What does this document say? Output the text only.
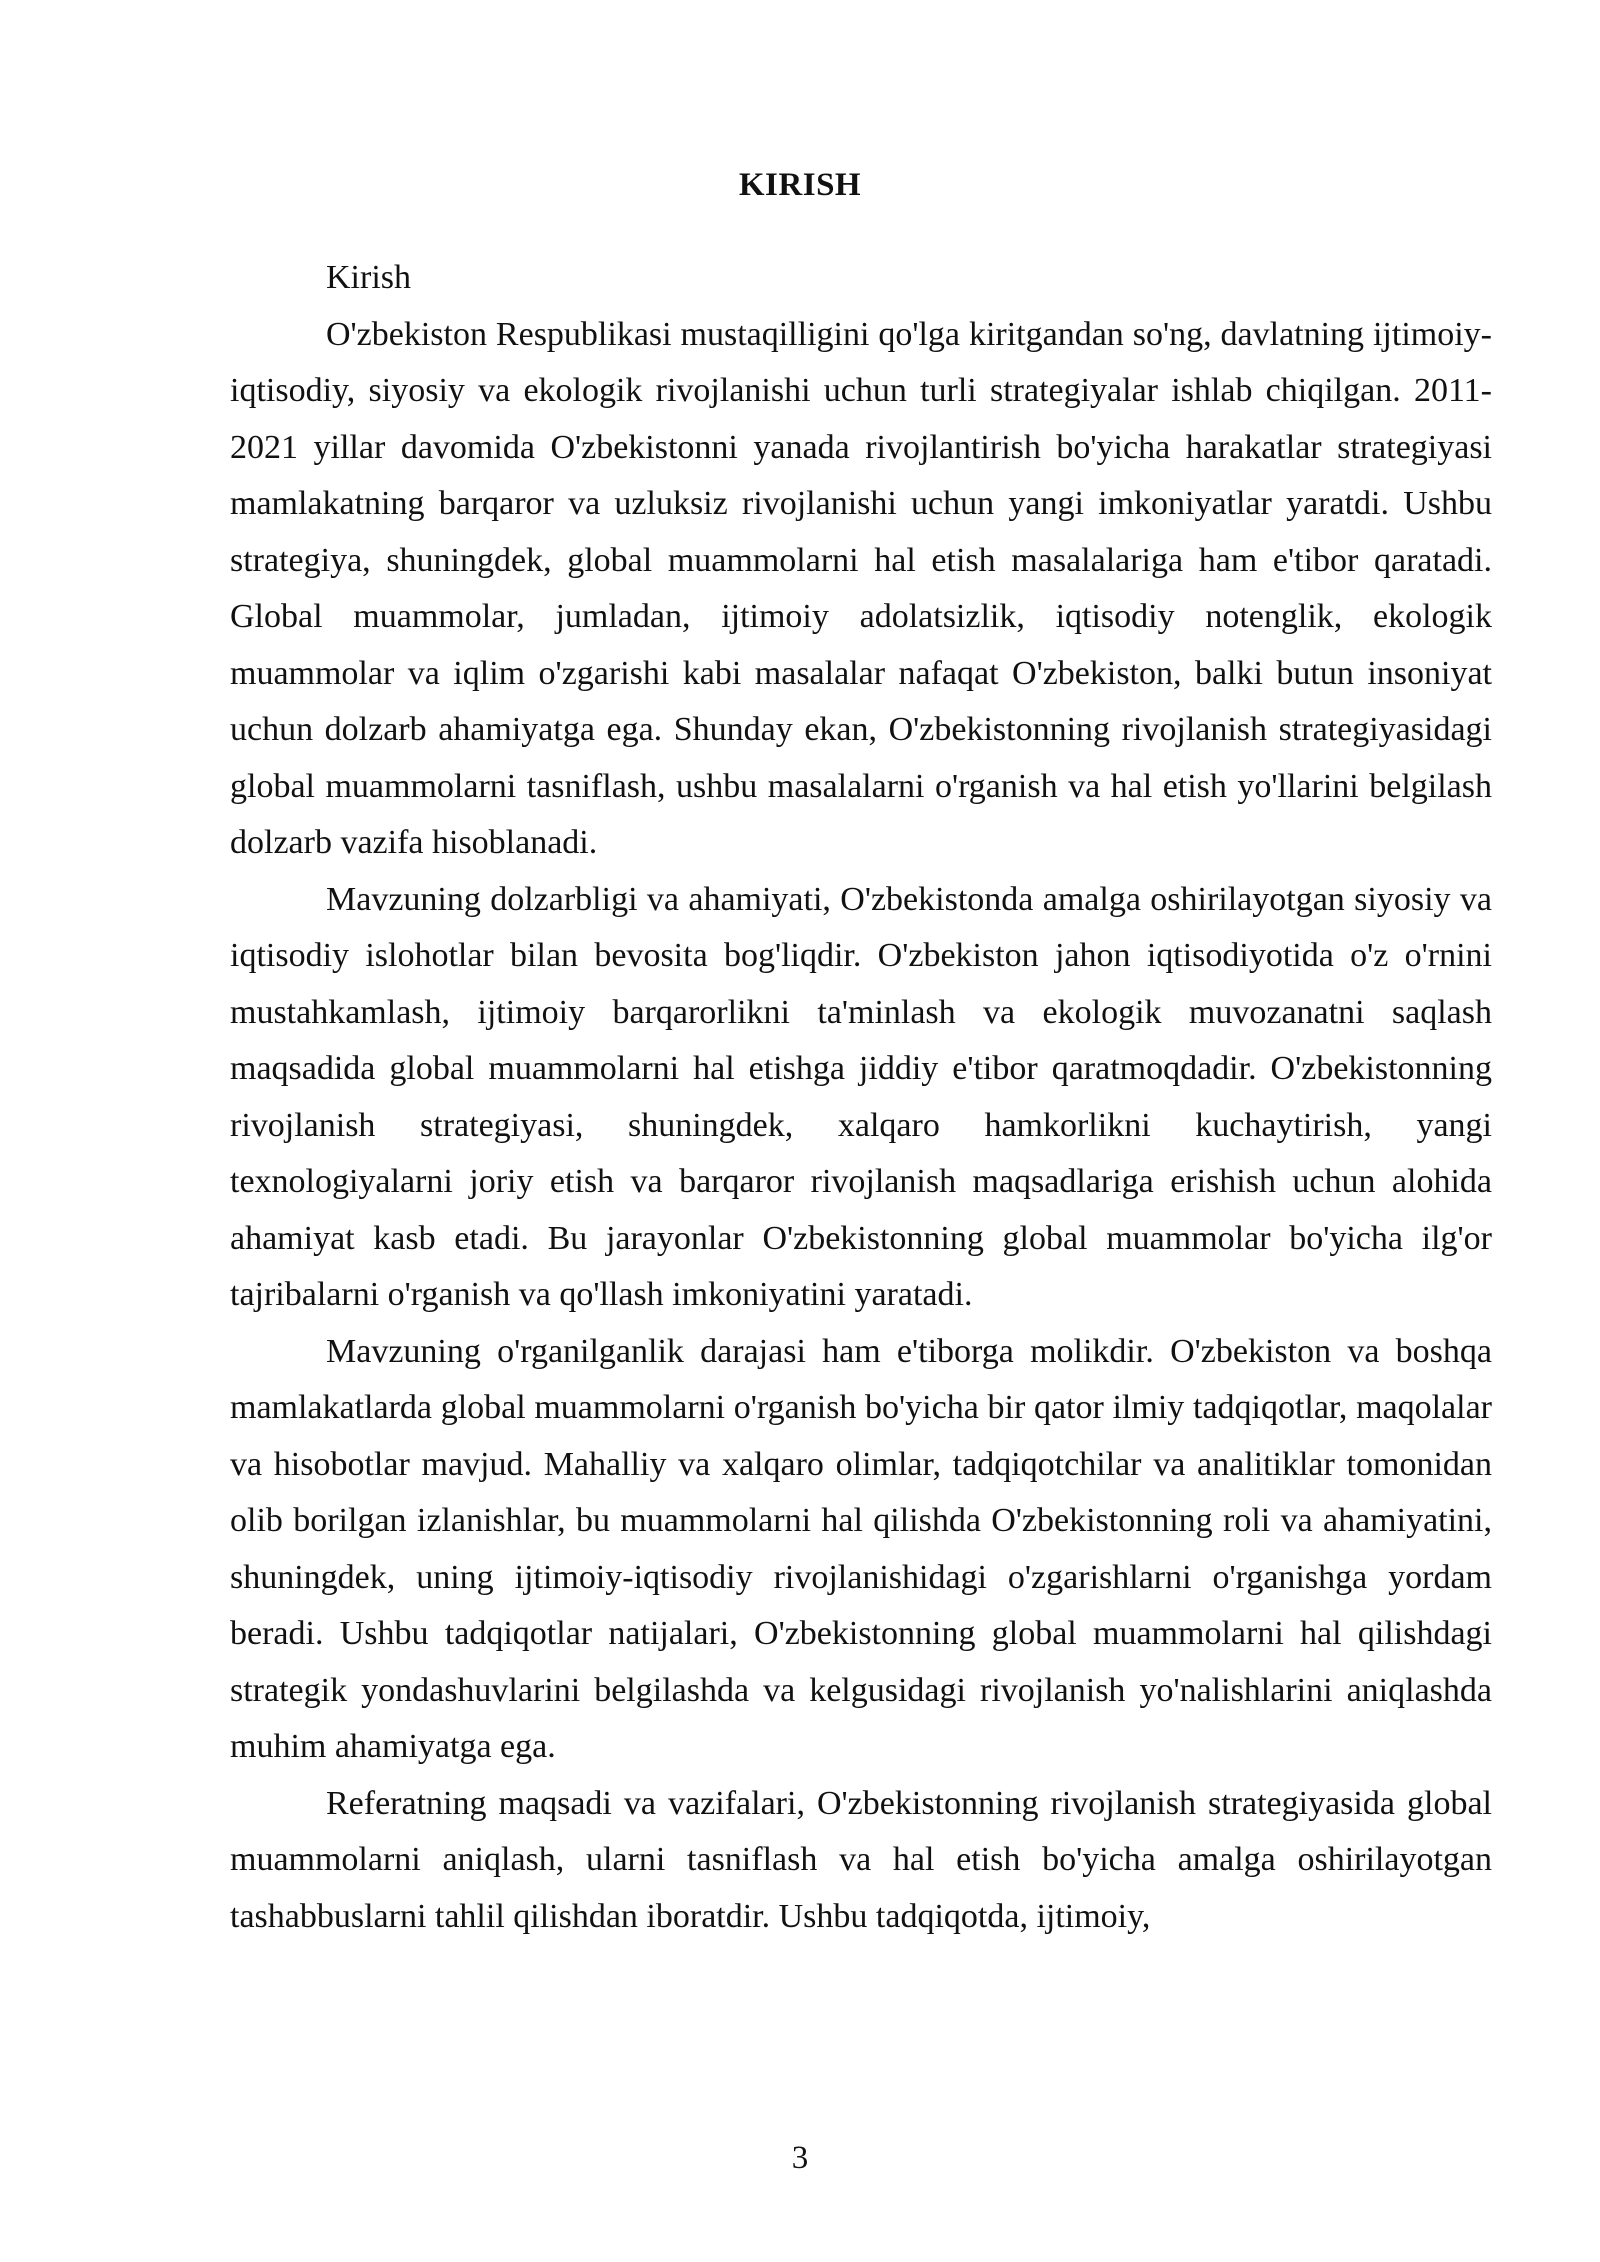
KIRISH

Kirish

O'zbekiston Respublikasi mustaqilligini qo'lga kiritgandan so'ng, davlatning ijtimoiy-iqtisodiy, siyosiy va ekologik rivojlanishi uchun turli strategiyalar ishlab chiqilgan. 2011-2021 yillar davomida O'zbekistonni yanada rivojlantirish bo'yicha harakatlar strategiyasi mamlakatning barqaror va uzluksiz rivojlanishi uchun yangi imkoniyatlar yaratdi. Ushbu strategiya, shuningdek, global muammolarni hal etish masalalariga ham e'tibor qaratadi. Global muammolar, jumladan, ijtimoiy adolatsizlik, iqtisodiy notenglik, ekologik muammolar va iqlim o'zgarishi kabi masalalar nafaqat O'zbekiston, balki butun insoniyat uchun dolzarb ahamiyatga ega. Shunday ekan, O'zbekistonning rivojlanish strategiyasidagi global muammolarni tasniflash, ushbu masalalarni o'rganish va hal etish yo'llarini belgilash dolzarb vazifa hisoblanadi.

Mavzuning dolzarbligi va ahamiyati, O'zbekistonda amalga oshirilayotgan siyosiy va iqtisodiy islohotlar bilan bevosita bog'liqdir. O'zbekiston jahon iqtisodiyotida o'z o'rnini mustahkamlash, ijtimoiy barqarorlikni ta'minlash va ekologik muvozanatni saqlash maqsadida global muammolarni hal etishga jiddiy e'tibor qaratmoqdadir. O'zbekistonning rivojlanish strategiyasi, shuningdek, xalqaro hamkorlikni kuchaytirish, yangi texnologiyalarni joriy etish va barqaror rivojlanish maqsadlariga erishish uchun alohida ahamiyat kasb etadi. Bu jarayonlar O'zbekistonning global muammolar bo'yicha ilg'or tajribalarni o'rganish va qo'llash imkoniyatini yaratadi.

Mavzuning o'rganilganlik darajasi ham e'tiborga molikdir. O'zbekiston va boshqa mamlakatlarda global muammolarni o'rganish bo'yicha bir qator ilmiy tadqiqotlar, maqolalar va hisobotlar mavjud. Mahalliy va xalqaro olimlar, tadqiqotchilar va analitiklar tomonidan olib borilgan izlanishlar, bu muammolarni hal qilishda O'zbekistonning roli va ahamiyatini, shuningdek, uning ijtimoiy-iqtisodiy rivojlanishidagi o'zgarishlarni o'rganishga yordam beradi. Ushbu tadqiqotlar natijalari, O'zbekistonning global muammolarni hal qilishdagi strategik yondashuvlarini belgilashda va kelgusidagi rivojlanish yo'nalishlarini aniqlashda muhim ahamiyatga ega.

Referatning maqsadi va vazifalari, O'zbekistonning rivojlanish strategiyasida global muammolarni aniqlash, ularni tasniflash va hal etish bo'yicha amalga oshirilayotgan tashabbuslarni tahlil qilishdan iboratdir. Ushbu tadqiqotda, ijtimoiy,

3
